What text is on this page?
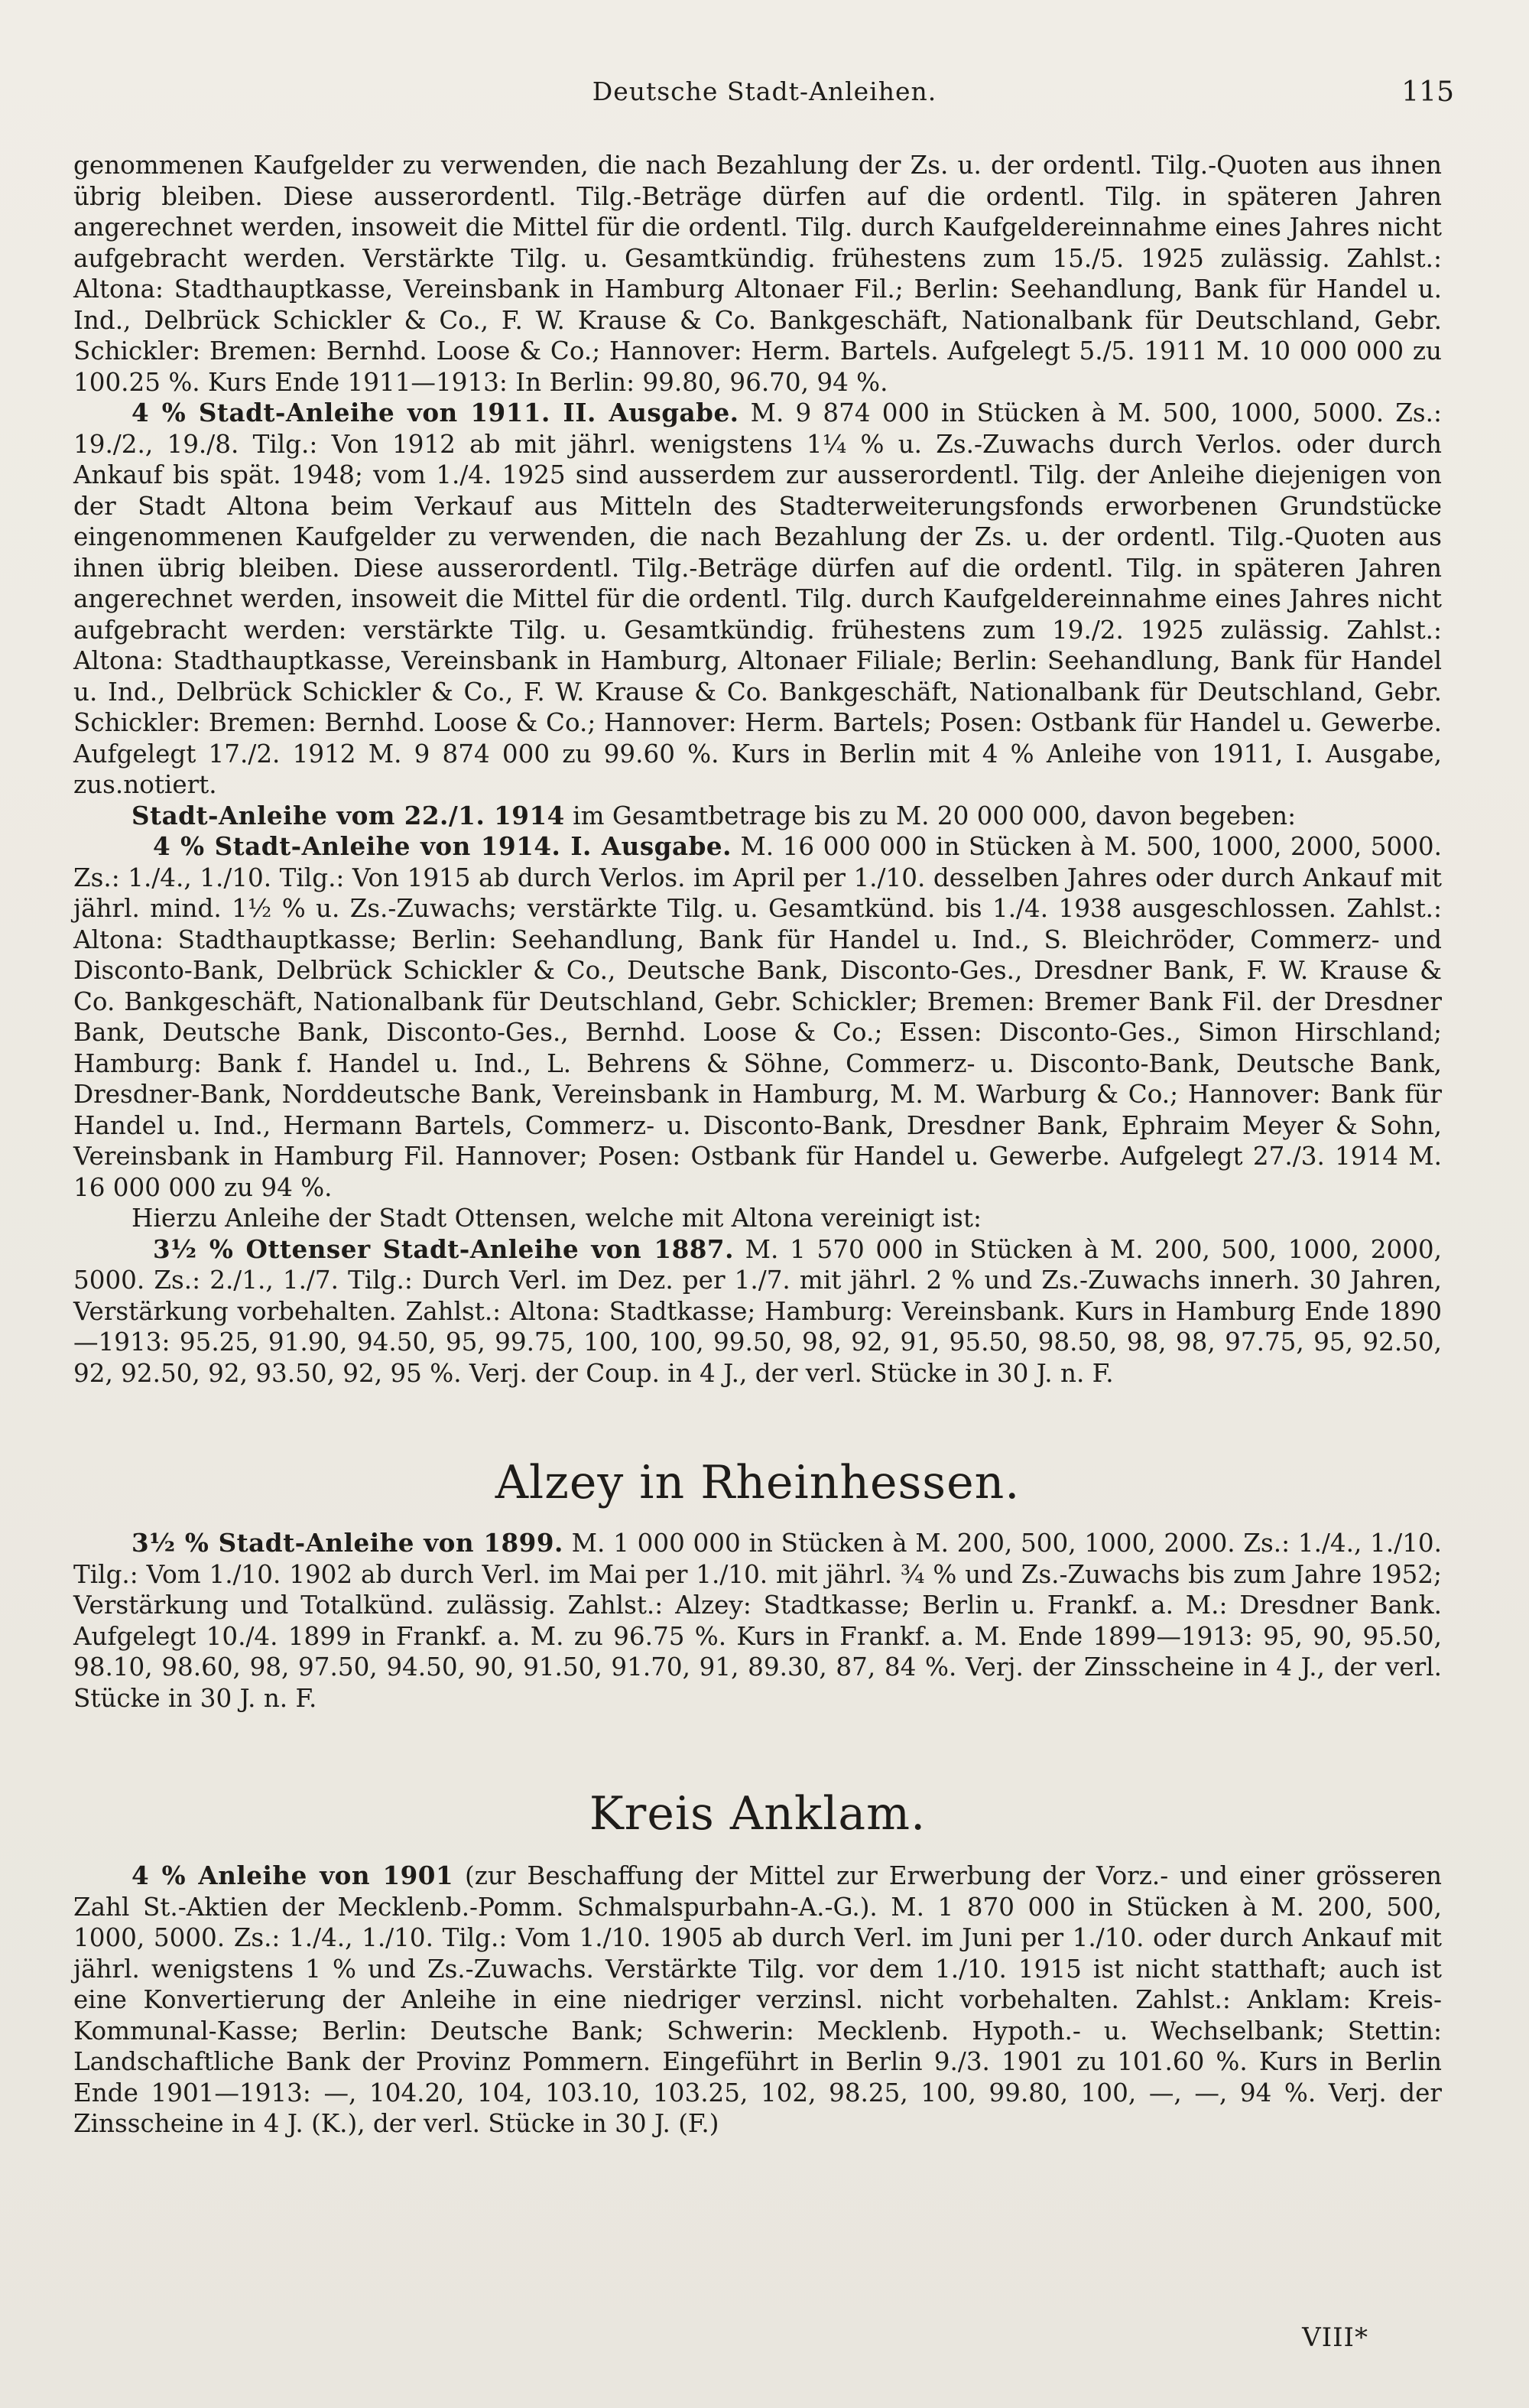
Deutsche Stadt-Anleihen.	115

genommenen Kaufgelder zu verwenden, die nach Bezahlung der Zs. u. der ordentl. Tilg.-Quoten aus ihnen übrig bleiben. Diese ausserordentl. Tilg.-Beträge dürfen auf die ordentl. Tilg. in späteren Jahren angerechnet werden, insoweit die Mittel für die ordentl. Tilg. durch Kaufgeldereinnahme eines Jahres nicht aufgebracht werden. Verstärkte Tilg. u. Gesamtkündig. frühestens zum 15./5. 1925 zulässig. Zahlst.: Altona: Stadthauptkasse, Vereinsbank in Hamburg Altonaer Fil.; Berlin: Seehandlung, Bank für Handel u. Ind., Delbrück Schickler & Co., F. W. Krause & Co. Bankgeschäft, Nationalbank für Deutschland, Gebr. Schickler: Bremen: Bernhd. Loose & Co.; Hannover: Herm. Bartels. Aufgelegt 5./5. 1911 M. 10 000 000 zu 100.25 %. Kurs Ende 1911—1913: In Berlin: 99.80, 96.70, 94 %.

4 % Stadt-Anleihe von 1911. II. Ausgabe. M. 9 874 000 in Stücken à M. 500, 1000, 5000. Zs.: 19./2., 19./8. Tilg.: Von 1912 ab mit jährl. wenigstens 1¼ % u. Zs.-Zuwachs durch Verlos. oder durch Ankauf bis spät. 1948; vom 1./4. 1925 sind ausserdem zur ausserordentl. Tilg. der Anleihe diejenigen von der Stadt Altona beim Verkauf aus Mitteln des Stadterweiterungsfonds erworbenen Grundstücke eingenommenen Kaufgelder zu verwenden, die nach Bezahlung der Zs. u. der ordentl. Tilg.-Quoten aus ihnen übrig bleiben. Diese ausserordentl. Tilg.-Beträge dürfen auf die ordentl. Tilg. in späteren Jahren angerechnet werden, insoweit die Mittel für die ordentl. Tilg. durch Kaufgeldereinnahme eines Jahres nicht aufgebracht werden: verstärkte Tilg. u. Gesamtkündig. frühestens zum 19./2. 1925 zulässig. Zahlst.: Altona: Stadthauptkasse, Vereinsbank in Hamburg, Altonaer Filiale; Berlin: Seehandlung, Bank für Handel u. Ind., Delbrück Schickler & Co., F. W. Krause & Co. Bankgeschäft, Nationalbank für Deutschland, Gebr. Schickler: Bremen: Bernhd. Loose & Co.; Hannover: Herm. Bartels; Posen: Ostbank für Handel u. Gewerbe. Aufgelegt 17./2. 1912 M. 9 874 000 zu 99.60 %. Kurs in Berlin mit 4 % Anleihe von 1911, I. Ausgabe, zus.notiert.

Stadt-Anleihe vom 22./1. 1914 im Gesamtbetrage bis zu M. 20 000 000, davon begeben:

4 % Stadt-Anleihe von 1914. I. Ausgabe. M. 16 000 000 in Stücken à M. 500, 1000, 2000, 5000. Zs.: 1./4., 1./10. Tilg.: Von 1915 ab durch Verlos. im April per 1./10. desselben Jahres oder durch Ankauf mit jährl. mind. 1½ % u. Zs.-Zuwachs; verstärkte Tilg. u. Gesamtkünd. bis 1./4. 1938 ausgeschlossen. Zahlst.: Altona: Stadthauptkasse; Berlin: Seehandlung, Bank für Handel u. Ind., S. Bleichröder, Commerz- und Disconto-Bank, Delbrück Schickler & Co., Deutsche Bank, Disconto-Ges., Dresdner Bank, F. W. Krause & Co. Bankgeschäft, Nationalbank für Deutschland, Gebr. Schickler; Bremen: Bremer Bank Fil. der Dresdner Bank, Deutsche Bank, Disconto-Ges., Bernhd. Loose & Co.; Essen: Disconto-Ges., Simon Hirschland; Hamburg: Bank f. Handel u. Ind., L. Behrens & Söhne, Commerz- u. Disconto-Bank, Deutsche Bank, Dresdner-Bank, Norddeutsche Bank, Vereinsbank in Hamburg, M. M. Warburg & Co.; Hannover: Bank für Handel u. Ind., Hermann Bartels, Commerz- u. Disconto-Bank, Dresdner Bank, Ephraim Meyer & Sohn, Vereinsbank in Hamburg Fil. Hannover; Posen: Ostbank für Handel u. Gewerbe. Aufgelegt 27./3. 1914 M. 16 000 000 zu 94 %.

Hierzu Anleihe der Stadt Ottensen, welche mit Altona vereinigt ist:

3½ % Ottenser Stadt-Anleihe von 1887. M. 1 570 000 in Stücken à M. 200, 500, 1000, 2000, 5000. Zs.: 2./1., 1./7. Tilg.: Durch Verl. im Dez. per 1./7. mit jährl. 2 % und Zs.-Zuwachs innerh. 30 Jahren, Verstärkung vorbehalten. Zahlst.: Altona: Stadtkasse; Hamburg: Vereinsbank. Kurs in Hamburg Ende 1890—1913: 95.25, 91.90, 94.50, 95, 99.75, 100, 100, 99.50, 98, 92, 91, 95.50, 98.50, 98, 98, 97.75, 95, 92.50, 92, 92.50, 92, 93.50, 92, 95 %. Verj. der Coup. in 4 J., der verl. Stücke in 30 J. n. F.

Alzey in Rheinhessen.

3½ % Stadt-Anleihe von 1899. M. 1 000 000 in Stücken à M. 200, 500, 1000, 2000. Zs.: 1./4., 1./10. Tilg.: Vom 1./10. 1902 ab durch Verl. im Mai per 1./10. mit jährl. ¾ % und Zs.-Zuwachs bis zum Jahre 1952; Verstärkung und Totalkünd. zulässig. Zahlst.: Alzey: Stadtkasse; Berlin u. Frankf. a. M.: Dresdner Bank. Aufgelegt 10./4. 1899 in Frankf. a. M. zu 96.75 %. Kurs in Frankf. a. M. Ende 1899—1913: 95, 90, 95.50, 98.10, 98.60, 98, 97.50, 94.50, 90, 91.50, 91.70, 91, 89.30, 87, 84 %. Verj. der Zinsscheine in 4 J., der verl. Stücke in 30 J. n. F.

Kreis Anklam.

4 % Anleihe von 1901 (zur Beschaffung der Mittel zur Erwerbung der Vorz.- und einer grösseren Zahl St.-Aktien der Mecklenb.-Pomm. Schmalspurbahn-A.-G.). M. 1 870 000 in Stücken à M. 200, 500, 1000, 5000. Zs.: 1./4., 1./10. Tilg.: Vom 1./10. 1905 ab durch Verl. im Juni per 1./10. oder durch Ankauf mit jährl. wenigstens 1 % und Zs.-Zuwachs. Verstärkte Tilg. vor dem 1./10. 1915 ist nicht statthaft; auch ist eine Konvertierung der Anleihe in eine niedriger verzinsl. nicht vorbehalten. Zahlst.: Anklam: Kreis-Kommunal-Kasse; Berlin: Deutsche Bank; Schwerin: Mecklenb. Hypoth.- u. Wechselbank; Stettin: Landschaftliche Bank der Provinz Pommern. Eingeführt in Berlin 9./3. 1901 zu 101.60 %. Kurs in Berlin Ende 1901—1913: —, 104.20, 104, 103.10, 103.25, 102, 98.25, 100, 99.80, 100, —, —, 94 %. Verj. der Zinsscheine in 4 J. (K.), der verl. Stücke in 30 J. (F.)

VIII*
